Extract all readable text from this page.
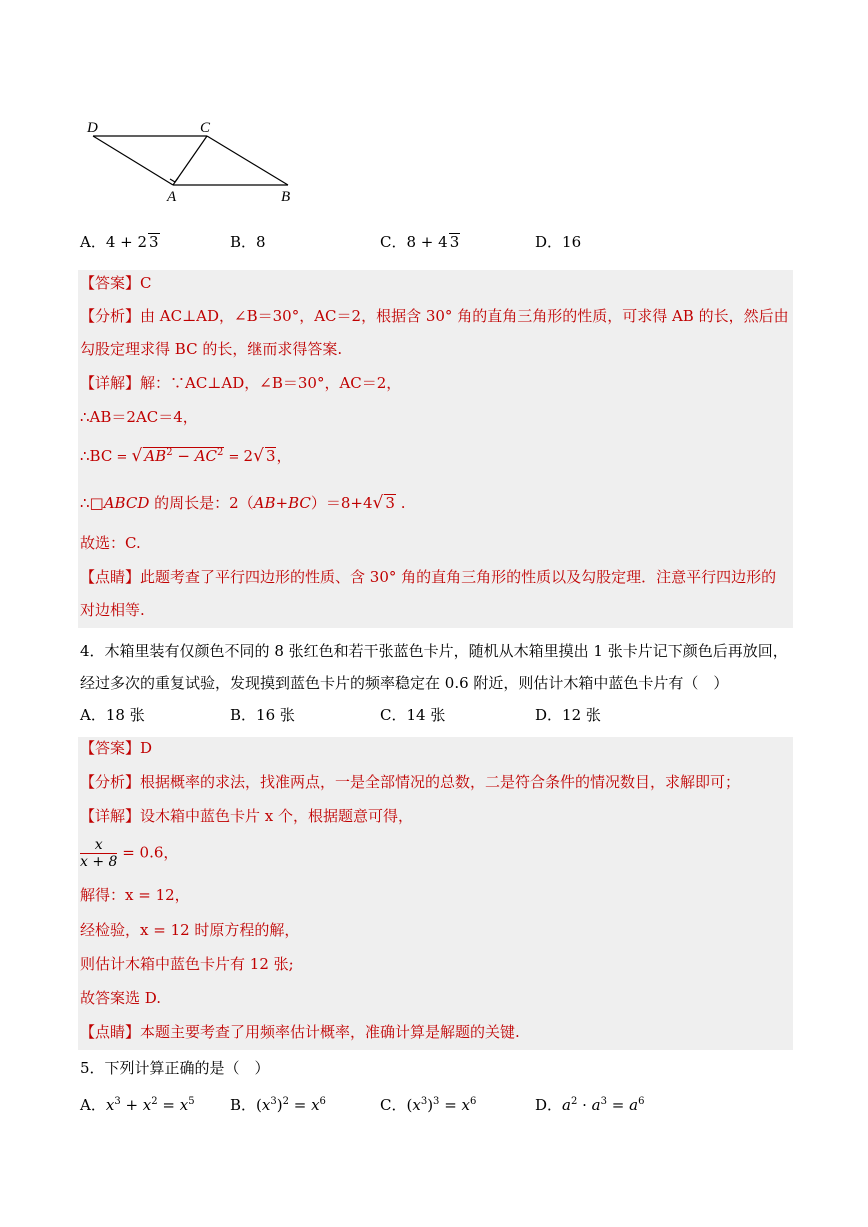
D	C
A	B
A．4 + 2 3	B．8	C．8 + 4 3	D．16
【答案】C
【分析】由 AC⊥AD，∠B＝30°，AC＝2，根据含 30° 角的直角三角形的性质，可求得 AB 的长，然后由
勾股定理求得 BC 的长，继而求得答案.
【详解】解：∵AC⊥AD，∠B＝30°，AC＝2，
∴AB＝2AC＝4，
∴BC = √ $AB^2 - AC^2 = 2√$ 3，
∴□ABCD 的周长是：2（AB+BC）＝8+4√ 3 .
故选：C.
【点睛】此题考查了平行四边形的性质、含 30° 角的直角三角形的性质以及勾股定理．注意平行四边形的
对边相等.
4．木箱里装有仅颜色不同的 8 张红色和若干张蓝色卡片，随机从木箱里摸出 1 张卡片记下颜色后再放回，
经过多次的重复试验，发现摸到蓝色卡片的频率稳定在 0.6 附近，则估计木箱中蓝色卡片有（　）
A．18 张	B．16 张	C．14 张	D．12 张
【答案】D
【分析】根据概率的求法，找准两点，一是全部情况的总数，二是符合条件的情况数目，求解即可；
【详解】设木箱中蓝色卡片 x 个，根据题意可得，
$\frac{x}{x + 8} = 0.6$，
解得：x = 12，
经检验，x = 12 时原方程的解，
则估计木箱中蓝色卡片有 12 张;
故答案选 D.
【点睛】本题主要考查了用频率估计概率，准确计算是解题的关键.
5．下列计算正确的是（　）
A．$x^3 + x^2 = x^5$ B．$(x^3)^2 = x^6$	C．$(x^3)^3 = x^6$	D．$a^2 \cdot a^3 = a^6$
